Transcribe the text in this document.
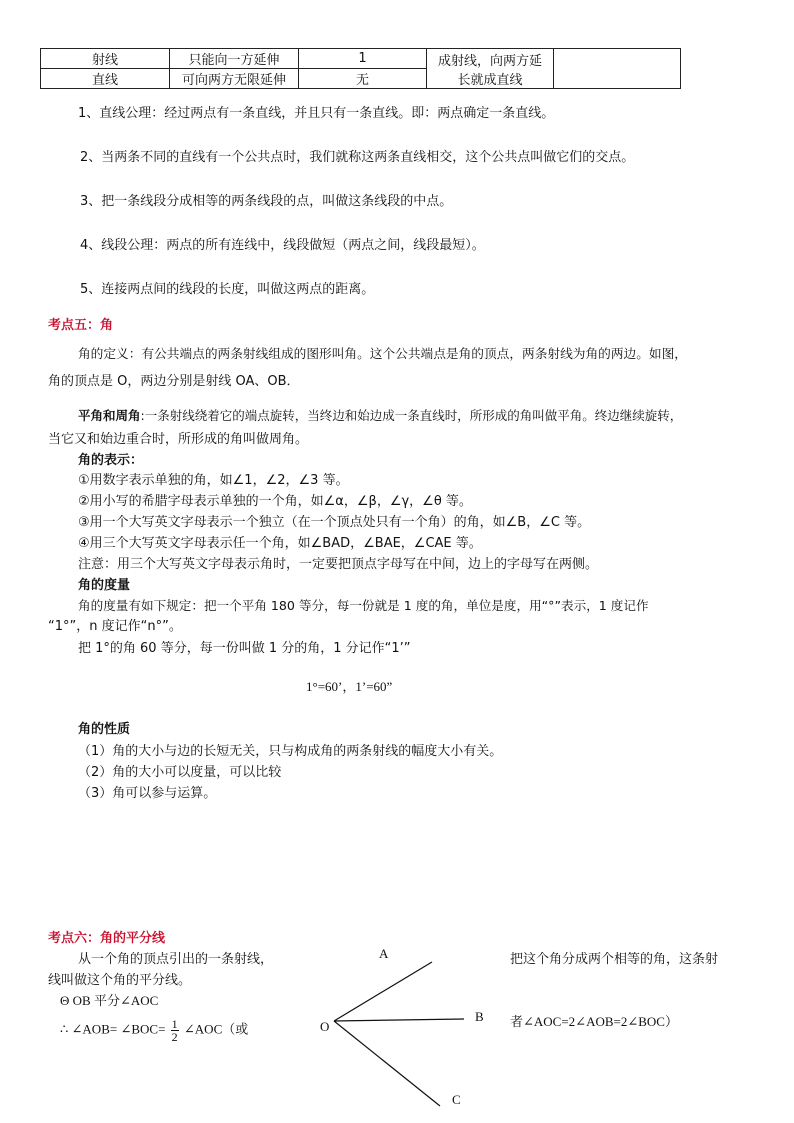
射线	只能向一方延伸	1	成射线，向两方延
长就成直线	

直线	可向两方无限延伸	无		
1、直线公理：经过两点有一条直线，并且只有一条直线。即：两点确定一条直线。
2、当两条不同的直线有一个公共点时，我们就称这两条直线相交，这个公共点叫做它们的交点。
3、把一条线段分成相等的两条线段的点，叫做这条线段的中点。
4、线段公理：两点的所有连线中，线段做短（两点之间，线段最短）。
5、连接两点间的线段的长度，叫做这两点的距离。
考点五：角
角的定义：有公共端点的两条射线组成的图形叫角。这个公共端点是角的顶点，两条射线为角的两边。如图，
角的顶点是 O，两边分别是射线 OA、OB．
平角和周角:一条射线绕着它的端点旋转，当终边和始边成一条直线时，所形成的角叫做平角。终边继续旋转，
当它又和始边重合时，所形成的角叫做周角。
角的表示：
①用数字表示单独的角，如∠1，∠2，∠3 等。
②用小写的希腊字母表示单独的一个角，如∠α，∠β，∠γ，∠θ 等。
③用一个大写英文字母表示一个独立（在一个顶点处只有一个角）的角，如∠B，∠C 等。
④用三个大写英文字母表示任一个角，如∠BAD，∠BAE，∠CAE 等。
注意：用三个大写英文字母表示角时，一定要把顶点字母写在中间，边上的字母写在两侧。
角的度量
角的度量有如下规定：把一个平角 180 等分，每一份就是 1 度的角，单位是度，用“°”表示，1 度记作
“1°”，n 度记作“n°”。
把 1°的角 60 等分，每一份叫做 1 分的角，1 分记作“1’”
1°=60’，1’=60”
角的性质
（1）角的大小与边的长短无关，只与构成角的两条射线的幅度大小有关。
（2）角的大小可以度量，可以比较
（3）角可以参与运算。
考点六：角的平分线
从一个角的顶点引出的一条射线，	把这个角分成两个相等的角，这条射
线叫做这个角的平分线。
Θ OB 平分∠AOC
∴ ∠AOB= ∠BOC= $\frac{1}{2}$ ∠AOC（或	者∠AOC=2∠AOB=2∠BOC）
A
B
C
O
